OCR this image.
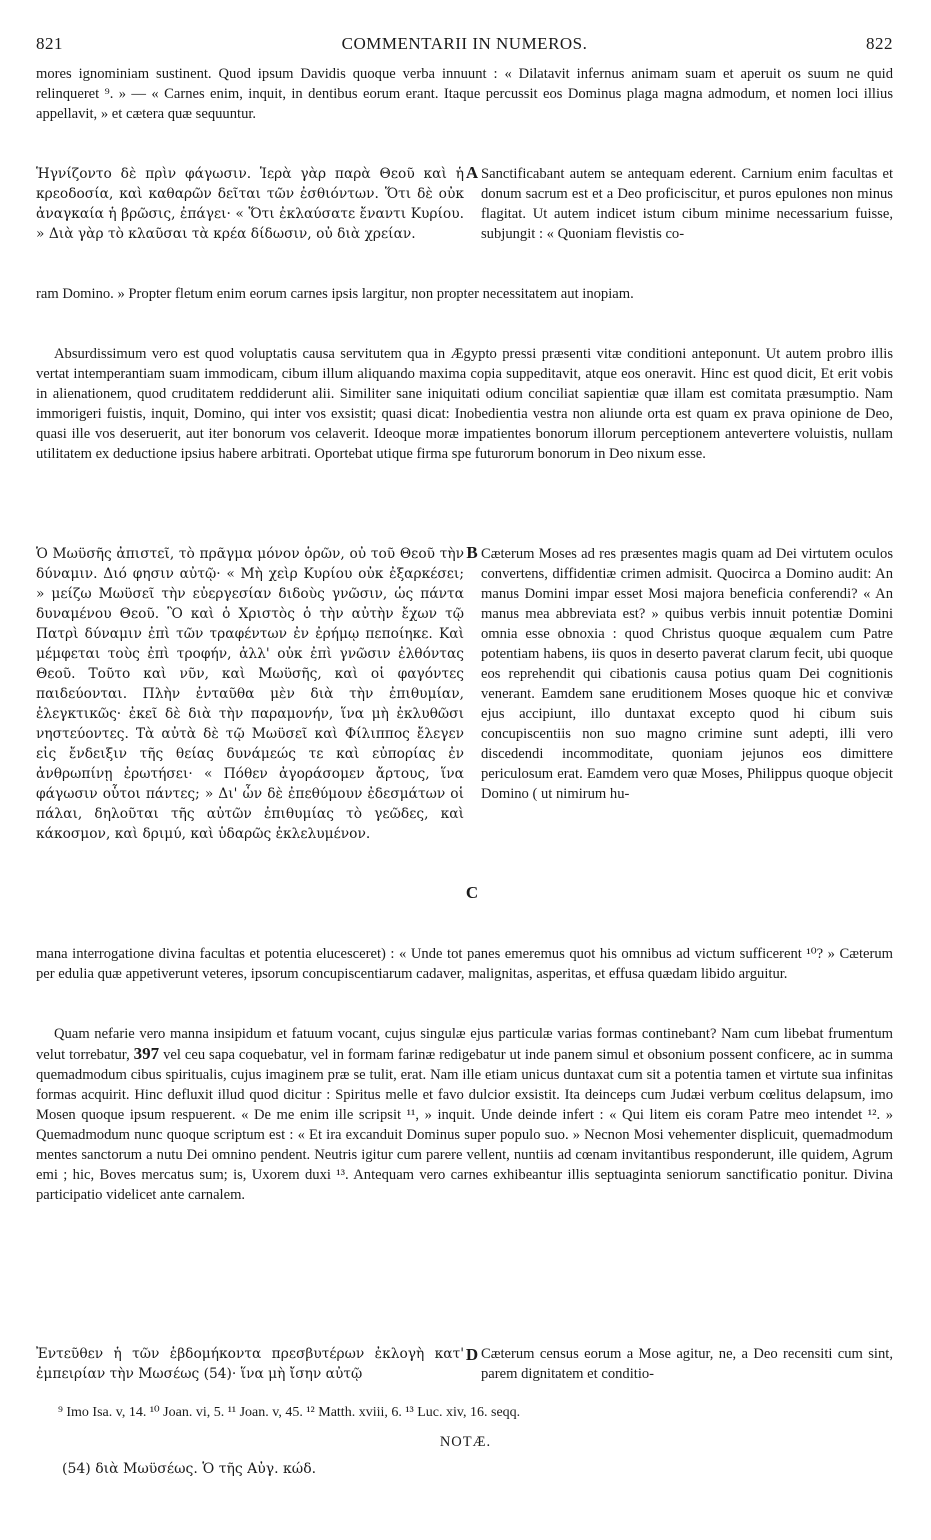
821	COMMENTARII IN NUMEROS.	822

mores ignominiam sustinent. Quod ipsum Davidis quoque verba innuunt : « Dilatavit infernus animam suam et aperuit os suum ne quid relinqueret ⁹. » — « Carnes enim, inquit, in dentibus eorum erant. Itaque percussit eos Dominus plaga magna admodum, et nomen loci illius appellavit, » et cætera quæ sequuntur.

Ἡγνίζοντο δὲ πρὶν φάγωσιν. Ἱερὰ γὰρ παρὰ Θεοῦ καὶ ἡ κρεοδοσία, καὶ καθαρῶν δεῖται τῶν ἐσθιόντων. Ὅτι δὲ οὐκ ἀναγκαία ἡ βρῶσις, ἐπάγει· « Ὅτι ἐκλαύσατε ἔναντι Κυρίου. » Διὰ γὰρ τὸ κλαῦσαι τὰ κρέα δίδωσιν, οὐ διὰ χρείαν.
A Sanctificabant autem se antequam ederent. Carnium enim facultas et donum sacrum est et a Deo proficiscitur, et puros epulones non minus flagitat. Ut autem indicet istum cibum minime necessarium fuisse, subjungit : « Quoniam flevistis co-

ram Domino. » Propter fletum enim eorum carnes ipsis largitur, non propter necessitatem aut inopiam.

Absurdissimum vero est quod voluptatis causa servitutem qua in Ægypto pressi præsenti vitæ conditioni anteponunt. Ut autem probro illis vertat intemperantiam suam immodicam, cibum illum aliquando maxima copia suppeditavit, atque eos oneravit. Hinc est quod dicit, Et erit vobis in alienationem, quod cruditatem reddiderunt alii. Similiter sane iniquitati odium conciliat sapientiæ quæ illam est comitata præsumptio. Nam immorigeri fuistis, inquit, Domino, qui inter vos exsistit; quasi dicat: Inobedientia vestra non aliunde orta est quam ex prava opinione de Deo, quasi ille vos deseruerit, aut iter bonorum vos celaverit. Ideoque moræ impatientes bonorum illorum perceptionem antevertere voluistis, nullam utilitatem ex deductione ipsius habere arbitrati. Oportebat utique firma spe futurorum bonorum in Deo nixum esse.

Ὁ Μωϋσῆς ἀπιστεῖ, τὸ πρᾶγμα μόνον ὁρῶν, οὐ τοῦ Θεοῦ τὴν δύναμιν. Διό φησιν αὐτῷ· « Μὴ χεὶρ Κυρίου οὐκ ἐξαρκέσει; » μείζω Μωϋσεῖ τὴν εὐεργεσίαν διδοὺς γνῶσιν, ὡς πάντα δυναμένου Θεοῦ. Ὃ καὶ ὁ Χριστὸς ὁ τὴν αὐτὴν ἔχων τῷ Πατρὶ δύναμιν ἐπὶ τῶν τραφέντων ἐν ἐρήμῳ πεποίηκε. Καὶ μέμφεται τοὺς ἐπὶ τροφήν, ἀλλ' οὐκ ἐπὶ γνῶσιν ἐλθόντας Θεοῦ. Τοῦτο καὶ νῦν, καὶ Μωϋσῆς, καὶ οἱ φαγόντες παιδεύονται. Πλὴν ἐνταῦθα μὲν διὰ τὴν ἐπιθυμίαν, ἐλεγκτικῶς· ἐκεῖ δὲ διὰ τὴν παραμονήν, ἵνα μὴ ἐκλυθῶσι νηστεύοντες. Τὰ αὐτὰ δὲ τῷ Μωϋσεῖ καὶ Φίλιππος ἔλεγεν εἰς ἔνδειξιν τῆς θείας δυνάμεώς τε καὶ εὐπορίας ἐν ἀνθρωπίνῃ ἐρωτήσει· « Πόθεν ἀγοράσομεν ἄρτους, ἵνα φάγωσιν οὗτοι πάντες; » Δι' ὧν δὲ ἐπεθύμουν ἐδεσμάτων οἱ πάλαι, δηλοῦται τῆς αὐτῶν ἐπιθυμίας τὸ γεῶδες, καὶ κάκοσμον, καὶ δριμύ, καὶ ὑδαρῶς ἐκλελυμένον.
B
C
Cæterum Moses ad res præsentes magis quam ad Dei virtutem oculos convertens, diffidentiæ crimen admisit. Quocirca a Domino audit: An manus Domini impar esset Mosi majora beneficia conferendi? « An manus mea abbreviata est? » quibus verbis innuit potentiæ Domini omnia esse obnoxia : quod Christus quoque æqualem cum Patre potentiam habens, iis quos in deserto paverat clarum fecit, ubi quoque eos reprehendit qui cibationis causa potius quam Dei cognitionis venerant. Eamdem sane eruditionem Moses quoque hic et convivæ ejus accipiunt, illo duntaxat excepto quod hi cibum suis concupiscentiis non suo magno crimine sunt adepti, illi vero discedendi incommoditate, quoniam jejunos eos dimittere periculosum erat. Eamdem vero quæ Moses, Philippus quoque objecit Domino ( ut nimirum hu-

mana interrogatione divina facultas et potentia elucesceret) : « Unde tot panes emeremus quot his omnibus ad victum sufficerent ¹⁰? » Cæterum per edulia quæ appetiverunt veteres, ipsorum concupiscentiarum cadaver, malignitas, asperitas, et effusa quædam libido arguitur.

Quam nefarie vero manna insipidum et fatuum vocant, cujus singulæ ejus particulæ varias formas continebant? Nam cum libebat frumentum velut torrebatur, 397 vel ceu sapa coquebatur, vel in formam farinæ redigebatur ut inde panem simul et obsonium possent conficere, ac in summa quemadmodum cibus spiritualis, cujus imaginem præ se tulit, erat. Nam ille etiam unicus duntaxat cum sit a potentia tamen et virtute sua infinitas formas acquirit. Hinc defluxit illud quod dicitur : Spiritus melle et favo dulcior exsistit. Ita deinceps cum Judæi verbum cœlitus delapsum, imo Mosen quoque ipsum respuerent. « De me enim ille scripsit ¹¹, » inquit. Unde deinde infert : « Qui litem eis coram Patre meo intendet ¹². » Quemadmodum nunc quoque scriptum est : « Et ira excanduit Dominus super populo suo. » Necnon Mosi vehementer displicuit, quemadmodum mentes sanctorum a nutu Dei omnino pendent. Neutris igitur cum parere vellent, nuntiis ad cœnam invitantibus responderunt, ille quidem, Agrum emi ; hic, Boves mercatus sum; is, Uxorem duxi ¹³. Antequam vero carnes exhibeantur illis septuaginta seniorum sanctificatio ponitur. Divina participatio videlicet ante carnalem.

Ἐντεῦθεν ἡ τῶν ἑβδομήκοντα πρεσβυτέρων ἐκλογὴ κατ' ἐμπειρίαν τὴν Μωσέως (54)· ἵνα μὴ ἴσην αὐτῷ
D Cæterum census eorum a Mose agitur, ne, a Deo recensiti cum sint, parem dignitatem et conditio-
⁹ Imo Isa. v, 14. ¹⁰ Joan. vi, 5. ¹¹ Joan. v, 45. ¹² Matth. xviii, 6. ¹³ Luc. xiv, 16. seqq.
NOTÆ.
(54) διὰ Μωϋσέως. Ὁ τῆς Αὐγ. κώδ.
